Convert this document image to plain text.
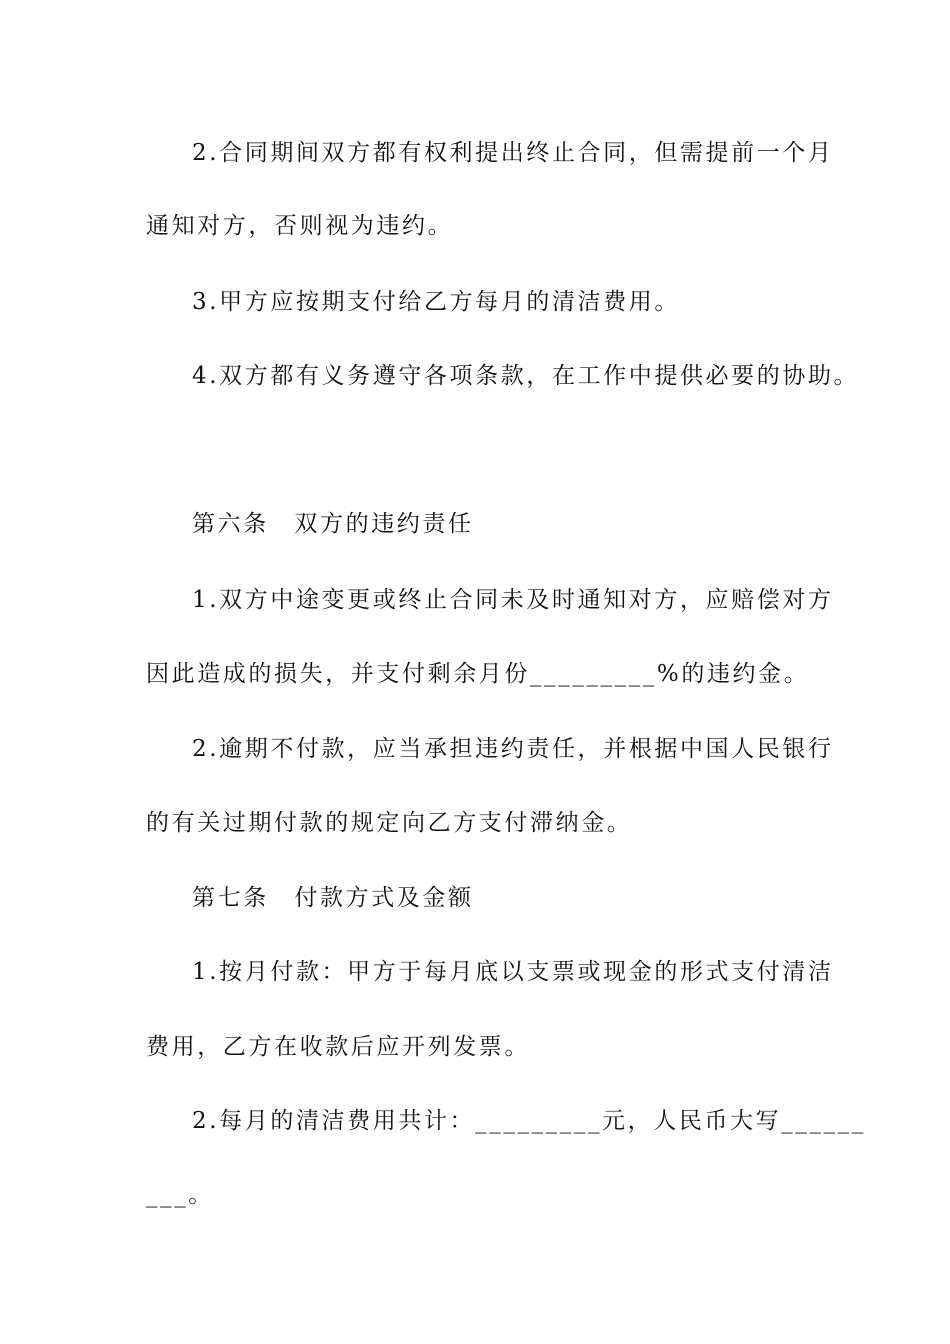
2.合同期间双方都有权利提出终止合同，但需提前一个月
通知对方，否则视为违约。
3.甲方应按期支付给乙方每月的清洁费用。
4.双方都有义务遵守各项条款，在工作中提供必要的协助。
第六条　双方的违约责任
1.双方中途变更或终止合同未及时通知对方，应赔偿对方
因此造成的损失，并支付剩余月份_________%的违约金。
2.逾期不付款，应当承担违约责任，并根据中国人民银行
的有关过期付款的规定向乙方支付滞纳金。
第七条　付款方式及金额
1.按月付款：甲方于每月底以支票或现金的形式支付清洁
费用，乙方在收款后应开列发票。
2.每月的清洁费用共计：_________元，人民币大写______
___。
